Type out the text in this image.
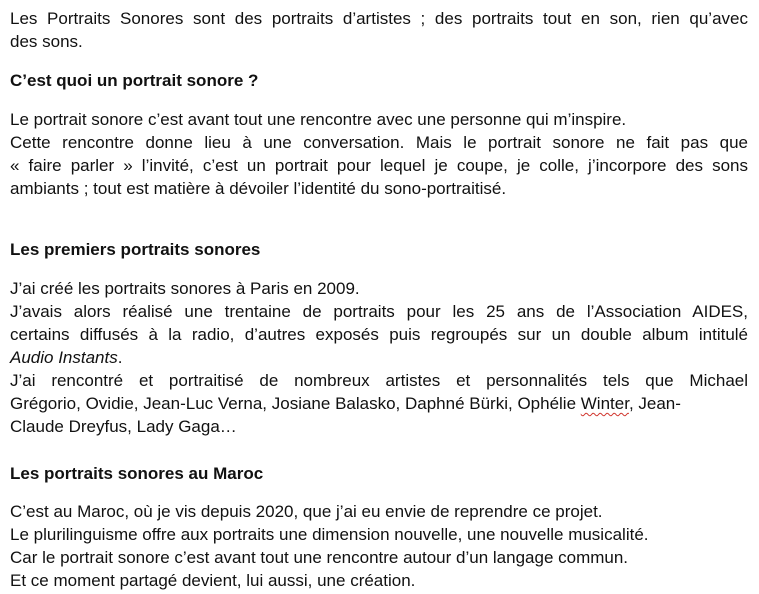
Les Portraits Sonores sont des portraits d’artistes ; des portraits tout en son, rien qu’avec
des sons.
C’est quoi un portrait sonore ?
Le portrait sonore c’est avant tout une rencontre avec une personne qui m’inspire.
Cette rencontre donne lieu à une conversation. Mais le portrait sonore ne fait pas que
« faire parler » l’invité, c’est un portrait pour lequel je coupe, je colle, j’incorpore des sons
ambiants ; tout est matière à dévoiler l’identité du sono-portraitisé.
Les premiers portraits sonores
J’ai créé les portraits sonores à Paris en 2009.
J’avais alors réalisé une trentaine de portraits pour les 25 ans de l’Association AIDES,
certains diffusés à la radio, d’autres exposés puis regroupés sur un double album intitulé
Audio Instants.
J’ai rencontré et portraitisé de nombreux artistes et personnalités tels que Michael
Grégorio, Ovidie, Jean-Luc Verna, Josiane Balasko, Daphné Bürki, Ophélie Winter, Jean-
Claude Dreyfus, Lady Gaga…
Les portraits sonores au Maroc
C’est au Maroc, où je vis depuis 2020, que j’ai eu envie de reprendre ce projet.
Le plurilinguisme offre aux portraits une dimension nouvelle, une nouvelle musicalité.
Car le portrait sonore c’est avant tout une rencontre autour d’un langage commun.
Et ce moment partagé devient, lui aussi, une création.
